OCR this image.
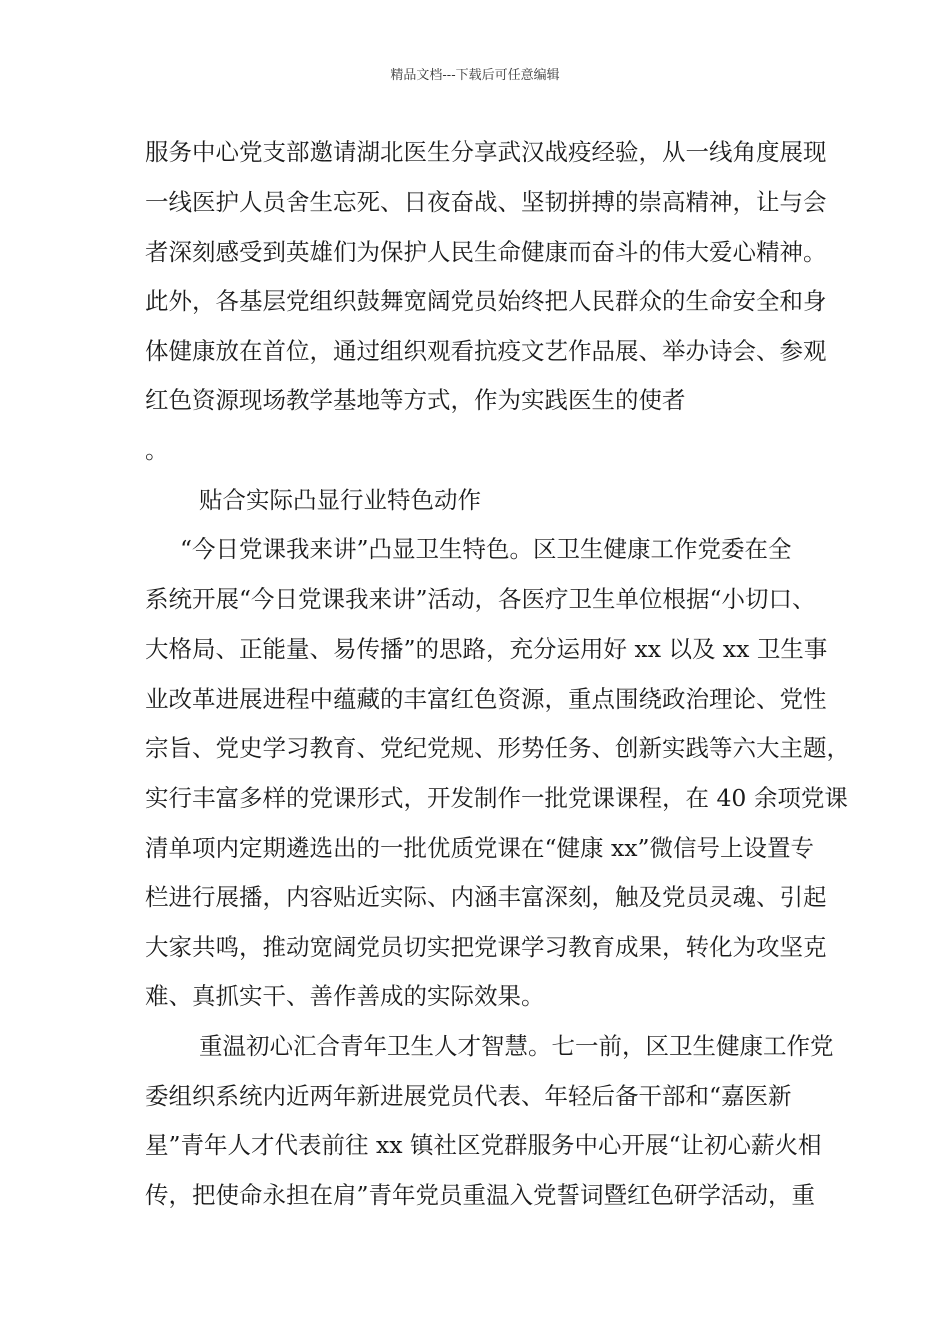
精品文档---下载后可任意编辑
服务中心党支部邀请湖北医生分享武汉战疫经验，从一线角度展现
一线医护人员舍生忘死、日夜奋战、坚韧拼搏的崇高精神，让与会
者深刻感受到英雄们为保护人民生命健康而奋斗的伟大爱心精神。
此外，各基层党组织鼓舞宽阔党员始终把人民群众的生命安全和身
体健康放在首位，通过组织观看抗疫文艺作品展、举办诗会、参观
红色资源现场教学基地等方式，作为实践医生的使者
。
贴合实际凸显行业特色动作
“今日党课我来讲”凸显卫生特色。区卫生健康工作党委在全
系统开展“今日党课我来讲”活动，各医疗卫生单位根据“小切口、
大格局、正能量、易传播”的思路，充分运用好 xx 以及 xx 卫生事
业改革进展进程中蕴藏的丰富红色资源，重点围绕政治理论、党性
宗旨、党史学习教育、党纪党规、形势任务、创新实践等六大主题，
实行丰富多样的党课形式，开发制作一批党课课程，在 40 余项党课
清单项内定期遴选出的一批优质党课在“健康 xx”微信号上设置专
栏进行展播，内容贴近实际、内涵丰富深刻，触及党员灵魂、引起
大家共鸣，推动宽阔党员切实把党课学习教育成果，转化为攻坚克
难、真抓实干、善作善成的实际效果。
重温初心汇合青年卫生人才智慧。七一前，区卫生健康工作党
委组织系统内近两年新进展党员代表、年轻后备干部和“嘉医新
星”青年人才代表前往 xx 镇社区党群服务中心开展“让初心薪火相
传，把使命永担在肩”青年党员重温入党誓词暨红色研学活动，重
